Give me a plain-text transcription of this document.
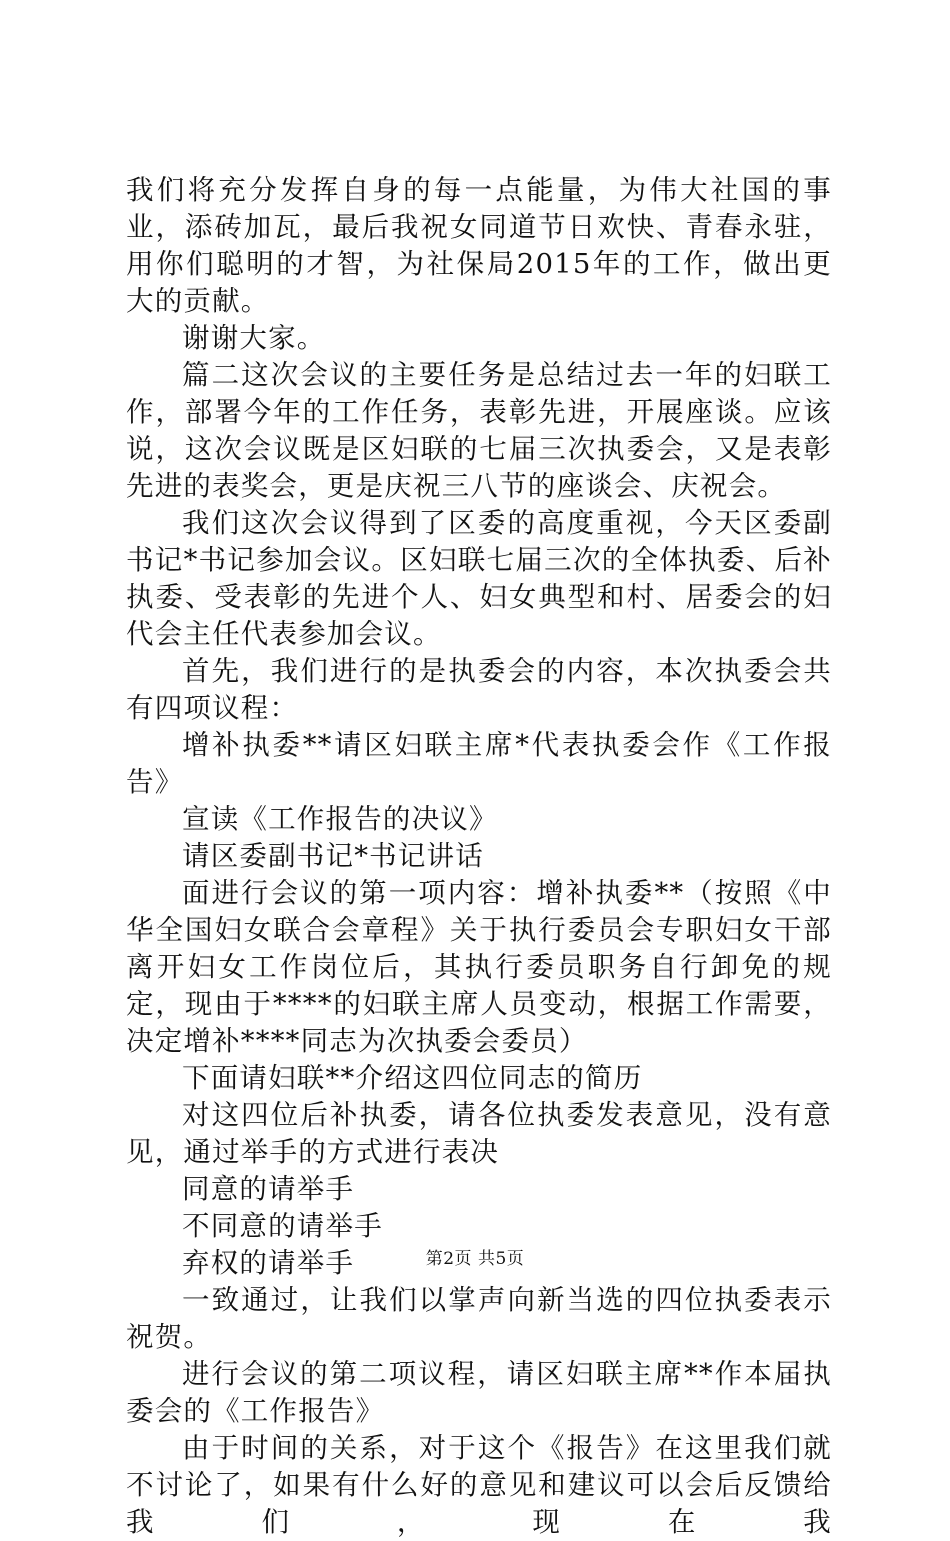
我们将充分发挥自身的每一点能量，为伟大社国的事业，添砖加瓦，最后我祝女同道节日欢快、青春永驻，用你们聪明的才智，为社保局2015年的工作，做出更大的贡献。

谢谢大家。

篇二这次会议的主要任务是总结过去一年的妇联工作，部署今年的工作任务，表彰先进，开展座谈。应该说，这次会议既是区妇联的七届三次执委会，又是表彰先进的表奖会，更是庆祝三八节的座谈会、庆祝会。

我们这次会议得到了区委的高度重视，今天区委副书记*书记参加会议。区妇联七届三次的全体执委、后补执委、受表彰的先进个人、妇女典型和村、居委会的妇代会主任代表参加会议。

首先，我们进行的是执委会的内容，本次执委会共有四项议程：

增补执委**请区妇联主席*代表执委会作《工作报告》

宣读《工作报告的决议》

请区委副书记*书记讲话

面进行会议的第一项内容：增补执委**（按照《中华全国妇女联合会章程》关于执行委员会专职妇女干部离开妇女工作岗位后，其执行委员职务自行卸免的规定，现由于****的妇联主席人员变动，根据工作需要，决定增补****同志为次执委会委员）

下面请妇联**介绍这四位同志的简历

对这四位后补执委，请各位执委发表意见，没有意见，通过举手的方式进行表决

同意的请举手

不同意的请举手

弃权的请举手

一致通过，让我们以掌声向新当选的四位执委表示祝贺。

进行会议的第二项议程，请区妇联主席**作本届执委会的《工作报告》

由于时间的关系，对于这个《报告》在这里我们就不讨论了，如果有什么好的意见和建议可以会后反馈给我们，现在我

第2页 共5页
